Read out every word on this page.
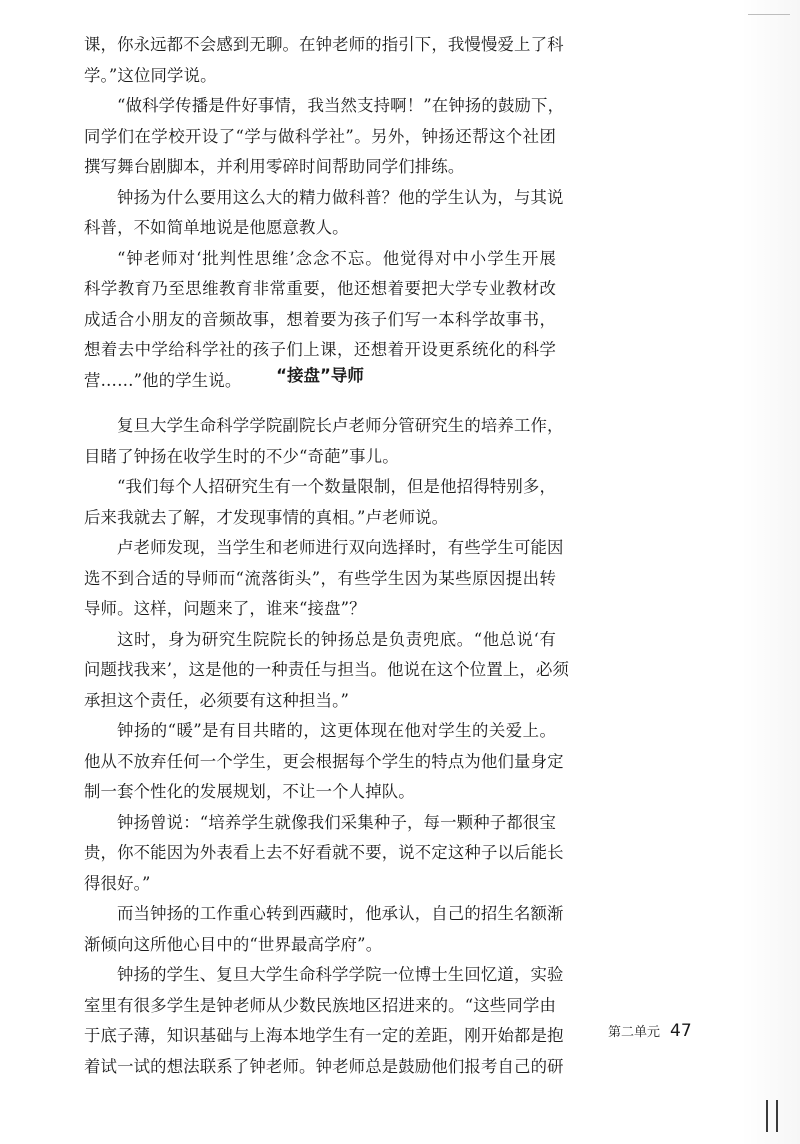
课，你永远都不会感到无聊。在钟老师的指引下，我慢慢爱上了科
学。”这位同学说。
“做科学传播是件好事情，我当然支持啊！”在钟扬的鼓励下，
同学们在学校开设了“学与做科学社”。另外，钟扬还帮这个社团
撰写舞台剧脚本，并利用零碎时间帮助同学们排练。
钟扬为什么要用这么大的精力做科普？他的学生认为，与其说
科普，不如简单地说是他愿意教人。
“钟老师对‘批判性思维’念念不忘。他觉得对中小学生开展
科学教育乃至思维教育非常重要，他还想着要把大学专业教材改
成适合小朋友的音频故事，想着要为孩子们写一本科学故事书，
想着去中学给科学社的孩子们上课，还想着开设更系统化的科学
营……”他的学生说。	“接盘”导师
复旦大学生命科学学院副院长卢老师分管研究生的培养工作，
目睹了钟扬在收学生时的不少“奇葩”事儿。
“我们每个人招研究生有一个数量限制，但是他招得特别多，
后来我就去了解，才发现事情的真相。”卢老师说。
卢老师发现，当学生和老师进行双向选择时，有些学生可能因
选不到合适的导师而“流落街头”，有些学生因为某些原因提出转
导师。这样，问题来了，谁来“接盘”？
这时，身为研究生院院长的钟扬总是负责兜底。“他总说‘有
问题找我来’，这是他的一种责任与担当。他说在这个位置上，必须
承担这个责任，必须要有这种担当。”
钟扬的“暖”是有目共睹的，这更体现在他对学生的关爱上。
他从不放弃任何一个学生，更会根据每个学生的特点为他们量身定
制一套个性化的发展规划，不让一个人掉队。
钟扬曾说：“培养学生就像我们采集种子，每一颗种子都很宝
贵，你不能因为外表看上去不好看就不要，说不定这种子以后能长
得很好。”
而当钟扬的工作重心转到西藏时，他承认，自己的招生名额渐
渐倾向这所他心目中的“世界最高学府”。
钟扬的学生、复旦大学生命科学学院一位博士生回忆道，实验
室里有很多学生是钟老师从少数民族地区招进来的。“这些同学由
于底子薄，知识基础与上海本地学生有一定的差距，刚开始都是抱
着试一试的想法联系了钟老师。钟老师总是鼓励他们报考自己的研
第二单元 47
